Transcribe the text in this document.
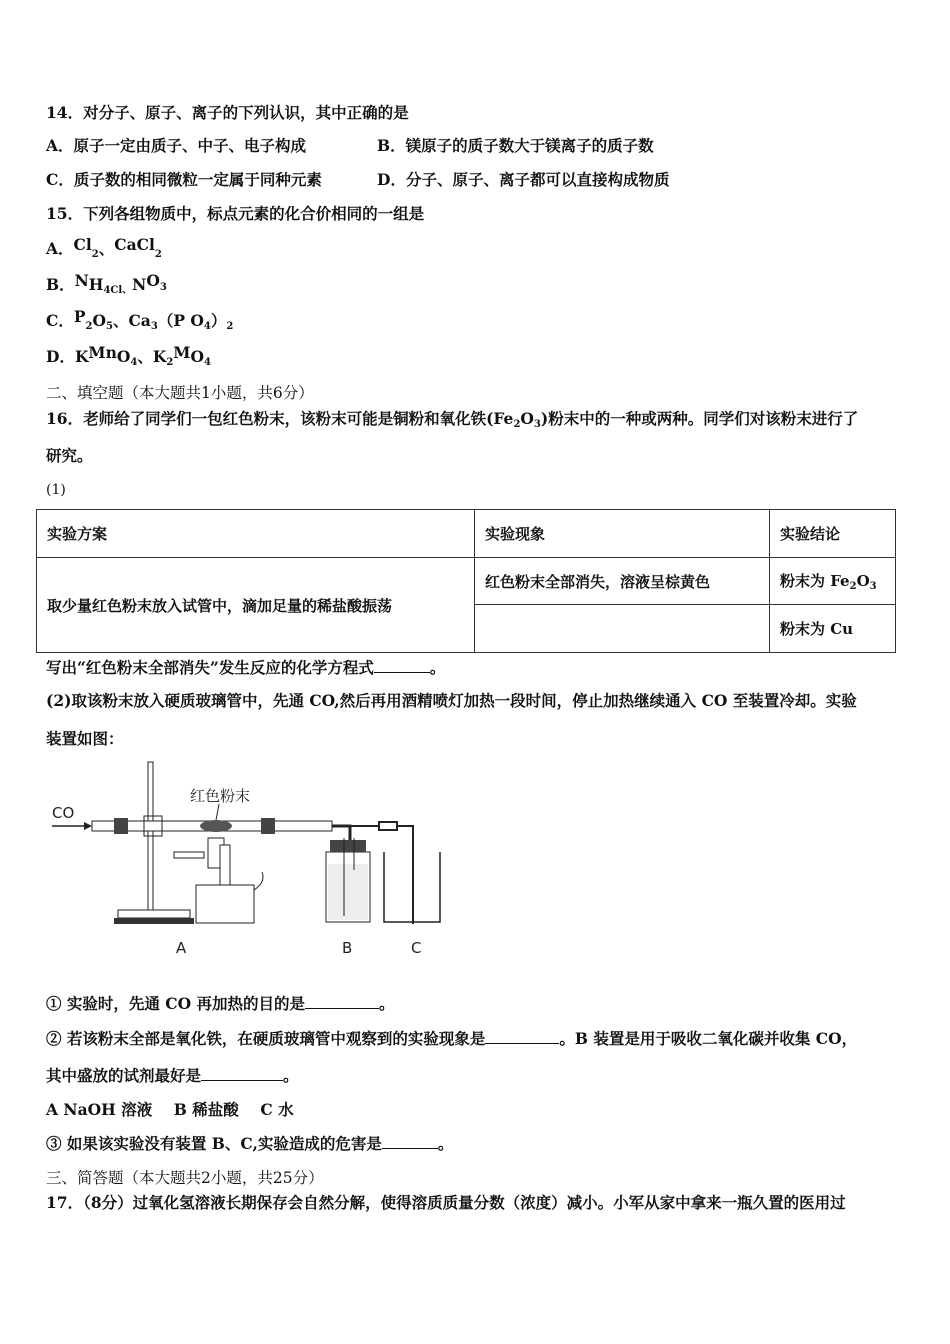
14．对分子、原子、离子的下列认识，其中正确的是
A．原子一定由质子、中子、电子构成	B．镁原子的质子数大于镁离子的质子数
C．质子数的相同微粒一定属于同种元素	D．分子、原子、离子都可以直接构成物质
15．下列各组物质中，标点元素的化合价相同的一组是
A．$Cl_2$、CaCl$_2$
B．$NH_{4Cl、}NO3$
C．$P_2O_5$、$Ca_3(P$ $O_4)_2$
D．KMnO$_4$、$K_2MO_4$
二、填空题（本大题共1小题，共6分）
16．老师给了同学们一包红色粉末，该粉末可能是铜粉和氧化铁$(Fe_2O_3)$粉末中的一种或两种。同学们对该粉末进行了
研究。
(1)
实验方案	实验现象	实验结论
取少量红色粉末放入试管中，滴加足量的稀盐酸振荡	红色粉末全部消失，溶液呈棕黄色	粉末为 $Fe_2O_3$
		粉末为 Cu
写出“红色粉末全部消失”发生反应的化学方程式	。
(2)取该粉末放入硬质玻璃管中，先通 CO,然后再用酒精喷灯加热一段时间，停止加热继续通入 CO 至装置冷却。实验
装置如图：
CO
红色粉末
A	B	C
① 实验时，先通 CO 再加热的目的是	。
② 若该粉末全部是氧化铁，在硬质玻璃管中观察到的实验现象是	。B 装置是用于吸收二氧化碳并收集 CO，
其中盛放的试剂最好是	。
A NaOH 溶液    B 稀盐酸    C 水
③ 如果该实验没有装置 B、C,实验造成的危害是	。
三、简答题（本大题共2小题，共25分）
17．（8分）过氧化氢溶液长期保存会自然分解，使得溶质质量分数（浓度）减小。小军从家中拿来一瓶久置的医用过
